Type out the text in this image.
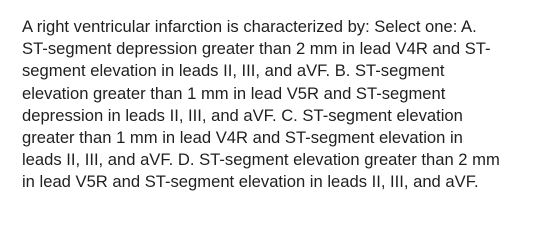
A right ventricular infarction is characterized by: Select one: A.
ST-segment depression greater than 2 mm in lead V4R and ST-
segment elevation in leads II, III, and aVF. B. ST-segment
elevation greater than 1 mm in lead V5R and ST-segment
depression in leads II, III, and aVF. C. ST-segment elevation
greater than 1 mm in lead V4R and ST-segment elevation in
leads II, III, and aVF. D. ST-segment elevation greater than 2 mm
in lead V5R and ST-segment elevation in leads II, III, and aVF.
